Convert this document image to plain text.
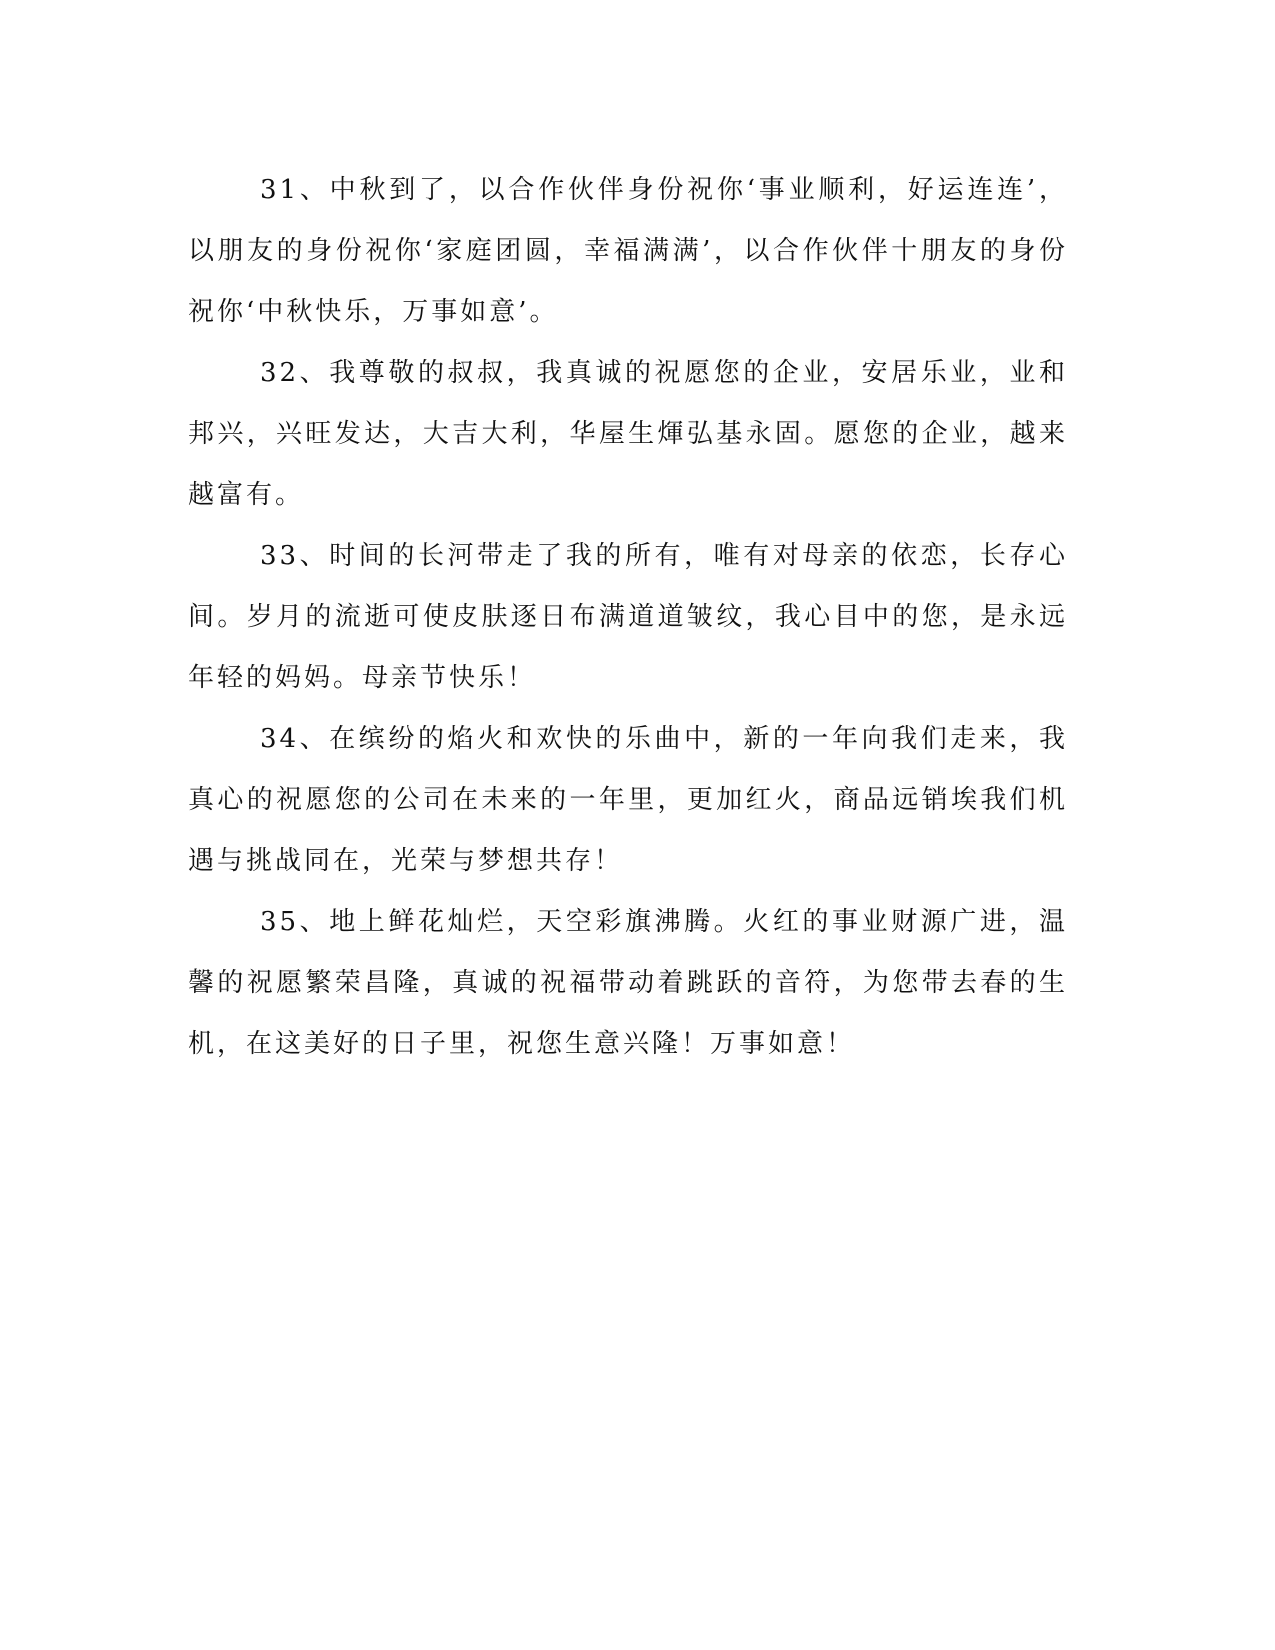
31、中秋到了，以合作伙伴身份祝你‘事业顺利，好运连连’，以朋友的身份祝你‘家庭团圆，幸福满满’，以合作伙伴十朋友的身份祝你‘中秋快乐，万事如意’。

32、我尊敬的叔叔，我真诚的祝愿您的企业，安居乐业，业和邦兴，兴旺发达，大吉大利，华屋生煇弘基永固。愿您的企业，越来越富有。

33、时间的长河带走了我的所有，唯有对母亲的依恋，长存心间。岁月的流逝可使皮肤逐日布满道道皱纹，我心目中的您，是永远年轻的妈妈。母亲节快乐！

34、在缤纷的焰火和欢快的乐曲中，新的一年向我们走来，我真心的祝愿您的公司在未来的一年里，更加红火，商品远销埃我们机遇与挑战同在，光荣与梦想共存！

35、地上鲜花灿烂，天空彩旗沸腾。火红的事业财源广进，温馨的祝愿繁荣昌隆，真诚的祝福带动着跳跃的音符，为您带去春的生机，在这美好的日子里，祝您生意兴隆！万事如意！
